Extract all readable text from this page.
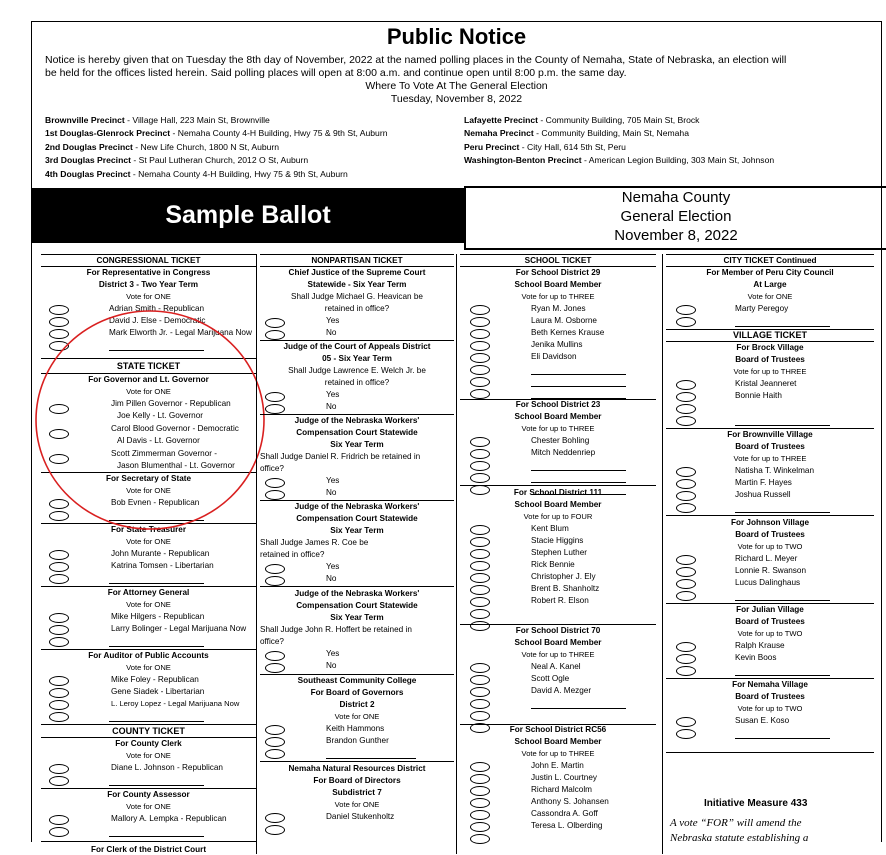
Public Notice
Notice is hereby given that on Tuesday the 8th day of November, 2022 at the named polling places in the County of Nemaha, State of Nebraska, an election will
be held for the offices listed herein. Said polling places will open at 8:00 a.m. and continue open until 8:00 p.m. the same day.
Where To Vote At The General Election
Tuesday, November 8, 2022
Brownville Precinct - Village Hall, 223 Main St, Brownville
1st Douglas-Glenrock Precinct - Nemaha County 4-H Building, Hwy 75 & 9th St, Auburn
2nd Douglas Precinct - New Life Church, 1800 N St, Auburn
3rd Douglas Precinct - St Paul Lutheran Church, 2012 O St, Auburn
4th Douglas Precinct - Nemaha County 4-H Building, Hwy 75 & 9th St, Auburn
Lafayette Precinct - Community Building, 705 Main St, Brock
Nemaha Precinct - Community Building, Main St, Nemaha
Peru Precinct - City Hall, 614 5th St, Peru
Washington-Benton Precinct - American Legion Building, 303 Main St, Johnson
Sample Ballot
Nemaha County
General Election
November 8, 2022
CONGRESSIONAL TICKET
For Representative in Congress
District 3 - Two Year Term
Vote for ONE
Adrian Smith - Republican
David J. Else - Democratic
Mark Elworth Jr. - Legal Marijuana Now
STATE TICKET
For Governor and Lt. Governor
Vote for ONE
Jim Pillen Governor - Republican
Joe Kelly - Lt. Governor
Carol Blood Governor - Democratic
Al Davis - Lt. Governor
Scott Zimmerman Governor -
Jason Blumenthal - Lt. Governor
For Secretary of State
Vote for ONE
Bob Evnen - Republican
For State Treasurer
Vote for ONE
John Murante - Republican
Katrina Tomsen - Libertarian
For Attorney General
Vote for ONE
Mike Hilgers - Republican
Larry Bolinger - Legal Marijuana Now
For Auditor of Public Accounts
Vote for ONE
Mike Foley - Republican
Gene Siadek - Libertarian
L. Leroy Lopez - Legal Marijuana Now
COUNTY TICKET
For County Clerk
Vote for ONE
Diane L. Johnson - Republican
For County Assessor
Vote for ONE
Mallory A. Lempka - Republican
For Clerk of the District Court
NONPARTISAN TICKET
Chief Justice of the Supreme Court
Statewide - Six Year Term
Shall Judge Michael G. Heavican be
retained in office?
Yes
No
Judge of the Court of Appeals District
05 - Six Year Term
Shall Judge Lawrence E. Welch Jr. be
retained in office?
Yes
No
Judge of the Nebraska Workers'
Compensation Court Statewide
Six Year Term
Shall Judge Daniel R. Fridrich be retained in
office?
Yes
No
Judge of the Nebraska Workers'
Compensation Court Statewide
Six Year Term
Shall Judge James R. Coe be
retained in office?
Yes
No
Judge of the Nebraska Workers'
Compensation Court Statewide
Six Year Term
Shall Judge John R. Hoffert be retained in
office?
Yes
No
Southeast Community College
For Board of Governors
District 2
Vote for ONE
Keith Hammons
Brandon Gunther
Nemaha Natural Resources District
For Board of Directors
Subdistrict 7
Vote for ONE
Daniel Stukenholtz
SCHOOL TICKET
For School District 29
School Board Member
Vote for up to THREE
Ryan M. Jones
Laura M. Osborne
Beth Kernes Krause
Jenika Mullins
Eli Davidson
For School District 23
School Board Member
Vote for up to THREE
Chester Bohling
Mitch Neddenriep
For School District 111
School Board Member
Vote for up to FOUR
Kent Blum
Stacie Higgins
Stephen Luther
Rick Bennie
Christopher J. Ely
Brent B. Shanholtz
Robert R. Elson
For School District 70
School Board Member
Vote for up to THREE
Neal A. Kanel
Scott Ogle
David A. Mezger
For School District RC56
School Board Member
Vote for up to THREE
John E. Martin
Justin L. Courtney
Richard Malcolm
Anthony S. Johansen
Cassondra A. Goff
Teresa L. Olberding
CITY TICKET Continued
For Member of Peru City Council
At Large
Vote for ONE
Marty Peregoy
VILLAGE TICKET
For Brock Village
Board of Trustees
Vote for up to THREE
Kristal Jeanneret
Bonnie Haith
For Brownville Village
Board of Trustees
Vote for up to THREE
Natisha T. Winkelman
Martin F. Hayes
Joshua Russell
For Johnson Village
Board of Trustees
Vote for up to TWO
Richard L. Meyer
Lonnie R. Swanson
Lucus Dalinghaus
For Julian Village
Board of Trustees
Vote for up to TWO
Ralph Krause
Kevin Boos
For Nemaha Village
Board of Trustees
Vote for up to TWO
Susan E. Koso
Initiative Measure 433
A vote “FOR” will amend the
Nebraska statute establishing a
